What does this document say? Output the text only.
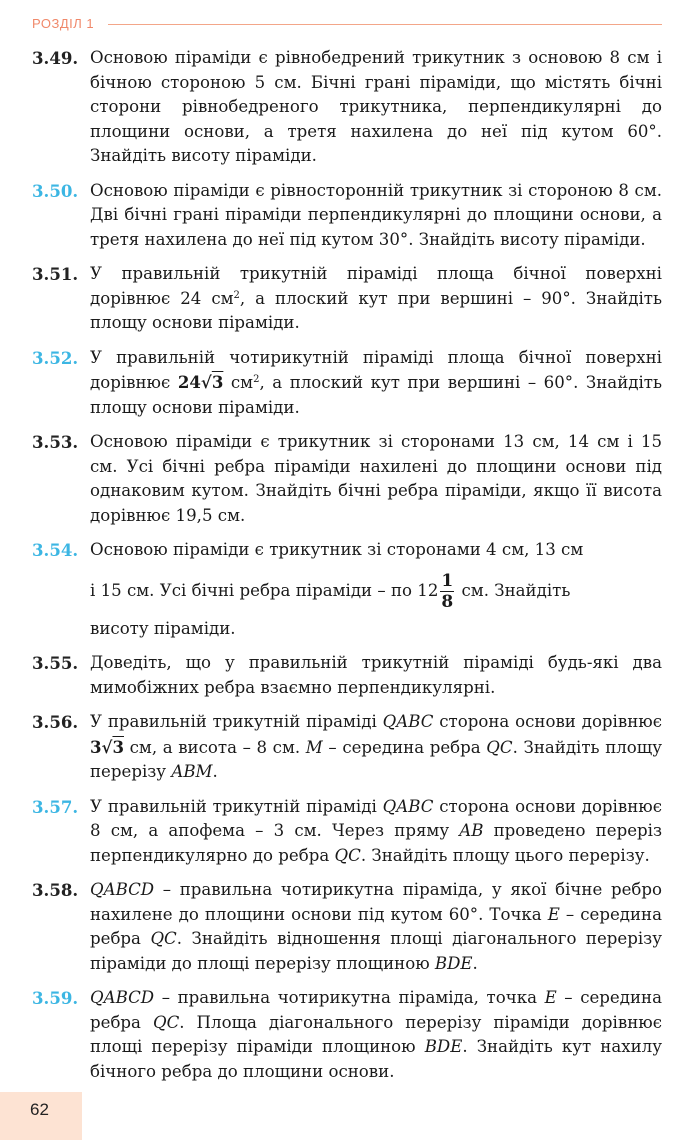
РОЗДІЛ 1
3.49. Основою піраміди є рівнобедрений трикутник з основою 8 см і бічною стороною 5 см. Бічні грані піраміди, що містять бічні сторони рівнобедреного трикутника, перпендикулярні до площини основи, а третя нахилена до неї під кутом 60°. Знайдіть висоту піраміди.
3.50. Основою піраміди є рівносторонній трикутник зі стороною 8 см. Дві бічні грані піраміди перпендикулярні до площини основи, а третя нахилена до неї під кутом 30°. Знайдіть висоту піраміди.
3.51. У правильній трикутній піраміді площа бічної поверхні дорівнює 24 $см^2$, а плоский кут при вершині – 90°. Знайдіть площу основи піраміди.
3.52. У правильній чотирикутній піраміді площа бічної поверхні дорівнює 24√3 $см^2$, а плоский кут при вершині – 60°. Знайдіть площу основи піраміди.
3.53. Основою піраміди є трикутник зі сторонами 13 см, 14 см і 15 см. Усі бічні ребра піраміди нахилені до площини основи під однаковим кутом. Знайдіть бічні ребра піраміди, якщо її висота дорівнює 19,5 см.
3.54. Основою піраміди є трикутник зі сторонами 4 см, 13 см
і 15 см. Усі бічні ребра піраміди – по $12 \frac{1}{8}$ см. Знайдіть
висоту піраміди.
3.55. Доведіть, що у правильній трикутній піраміді будь-які два мимобіжних ребра взаємно перпендикулярні.
3.56. У правильній трикутній піраміді QABC сторона основи дорівнює 3√3 см, а висота – 8 см. M – середина ребра QC. Знайдіть площу перерізу ABM.
3.57. У правильній трикутній піраміді QABC сторона основи дорівнює 8 см, а апофема – 3 см. Через пряму AB проведено переріз перпендикулярно до ребра QC. Знайдіть площу цього перерізу.
3.58. QABCD – правильна чотирикутна піраміда, у якої бічне ребро нахилене до площини основи під кутом 60°. Точка E – середина ребра QC. Знайдіть відношення площі діагонального перерізу піраміди до площі перерізу площиною BDE.
3.59. QABCD – правильна чотирикутна піраміда, точка E – середина ребра QC. Площа діагонального перерізу піраміди дорівнює площі перерізу піраміди площиною BDE. Знайдіть кут нахилу бічного ребра до площини основи.
62
